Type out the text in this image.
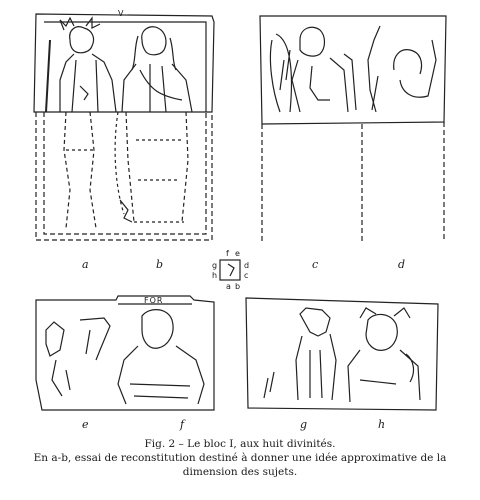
V
FOR
a	b	c	d
e	f	g	h
f e
g
h
d
c
a b
Fig. 2 – Le bloc I, aux huit divinités.
En a-b, essai de reconstitution destiné à donner une idée approximative de la
dimension des sujets.
